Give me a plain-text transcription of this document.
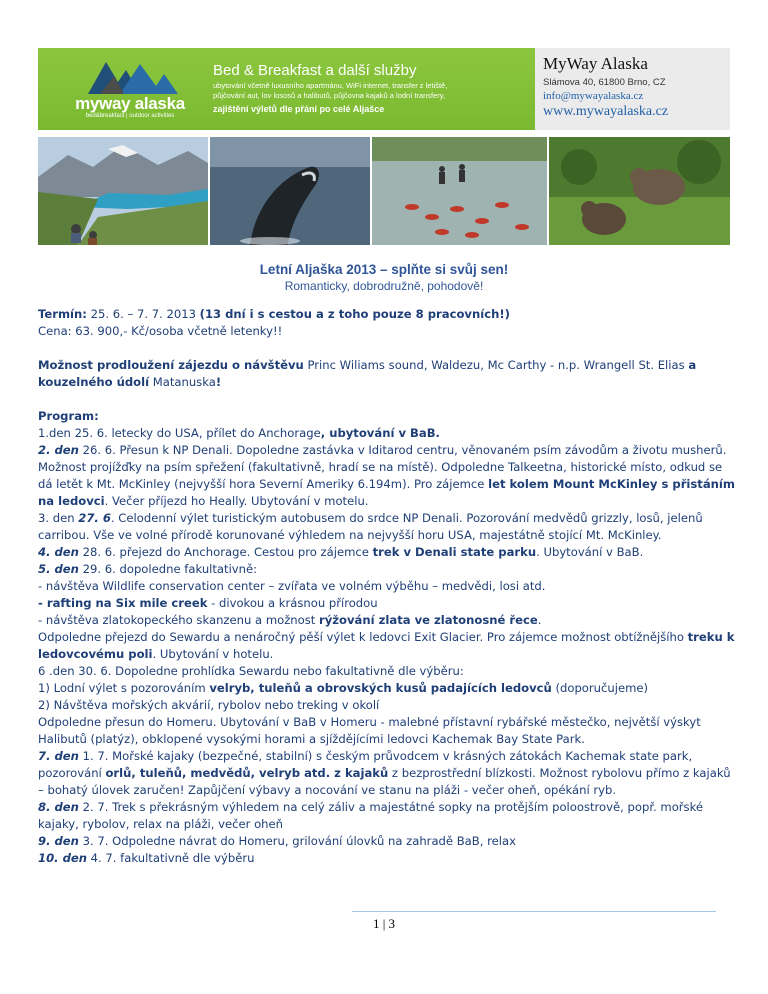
myway alaska
bed&breakfast | outdoor activities
Bed & Breakfast a další služby
ubytování včetně luxusního apartmánu, WiFi internet, transfer z letiště,
půjčování aut, lov lososů a halibutů, půjčovna kajaků a lodní transfery,
zajištění výletů dle přání po celé Aljašce
MyWay Alaska
Slámova 40, 61800 Brno, CZ
info@mywayalaska.cz
www.mywayalaska.cz
Letní Aljaška 2013 – splňte si svůj sen!
Romanticky, dobrodružně, pohodově!

Termín: 25. 6. – 7. 7. 2013 (13 dní i s cestou a z toho pouze 8 pracovních!)

Cena: 63. 900,- Kč/osoba včetně letenky!!

Možnost prodloužení zájezdu o návštěvu Princ Wiliams sound, Waldezu, Mc Carthy - n.p. Wrangell St. Elias a kouzelného údolí Matanuska!

Program:

1.den 25. 6. letecky do USA, přílet do Anchorage, ubytování v BaB.

2. den 26. 6. Přesun k NP Denali. Dopoledne zastávka v Iditarod centru, věnovaném psím závodům a životu musherů. Možnost projížďky na psím spřežení (fakultativně, hradí se na místě). Odpoledne Talkeetna, historické místo, odkud se dá letět k Mt. McKinley (nejvyšší hora Severní Ameriky 6.194m). Pro zájemce let kolem Mount McKinley s přistáním na ledovci. Večer příjezd ho Heally. Ubytování v motelu.

3. den 27. 6. Celodenní výlet turistickým autobusem do srdce NP Denali. Pozorování medvědů grizzly, losů, jelenů carribou. Vše ve volné přírodě korunované výhledem na nejvyšší horu USA, majestátně stojící Mt. McKinley.

4. den 28. 6. přejezd do Anchorage. Cestou pro zájemce trek v Denali state parku. Ubytování v BaB.

5. den 29. 6. dopoledne fakultativně:

- návštěva Wildlife conservation center – zvířata ve volném výběhu – medvědi, losi atd.

- rafting na Six mile creek - divokou a krásnou přírodou

- návštěva zlatokopeckého skanzenu a možnost rýžování zlata ve zlatonosné řece.

Odpoledne přejezd do Sewardu a nenáročný pěší výlet k ledovci Exit Glacier. Pro zájemce možnost obtížnějšího treku k ledovcovému poli. Ubytování v hotelu.

6 .den 30. 6. Dopoledne prohlídka Sewardu nebo fakultativně dle výběru:

1) Lodní výlet s pozorováním velryb, tuleňů a obrovských kusů padajících ledovců (doporučujeme)

2) Návštěva mořských akvárií, rybolov nebo treking v okolí

Odpoledne přesun do Homeru. Ubytování v BaB v Homeru - malebné přístavní rybářské městečko, největší výskyt Halibutů (platýz), obklopené vysokými horami a sjíždějícími ledovci Kachemak Bay State Park.

7. den 1. 7. Mořské kajaky (bezpečné, stabilní) s českým průvodcem v krásných zátokách Kachemak state park, pozorování orlů, tuleňů, medvědů, velryb atd. z kajaků z bezprostřední blízkosti. Možnost rybolovu přímo z kajaků – bohatý úlovek zaručen! Zapůjčení výbavy a nocování ve stanu na pláži - večer oheň, opékání ryb.

8. den 2. 7. Trek s překrásným výhledem na celý záliv a majestátné sopky na protějším poloostrově, popř. mořské kajaky, rybolov, relax na pláži, večer oheň

9. den 3. 7. Odpoledne návrat do Homeru, grilování úlovků na zahradě BaB, relax

10. den 4. 7. fakultativně dle výběru

1 | 3
